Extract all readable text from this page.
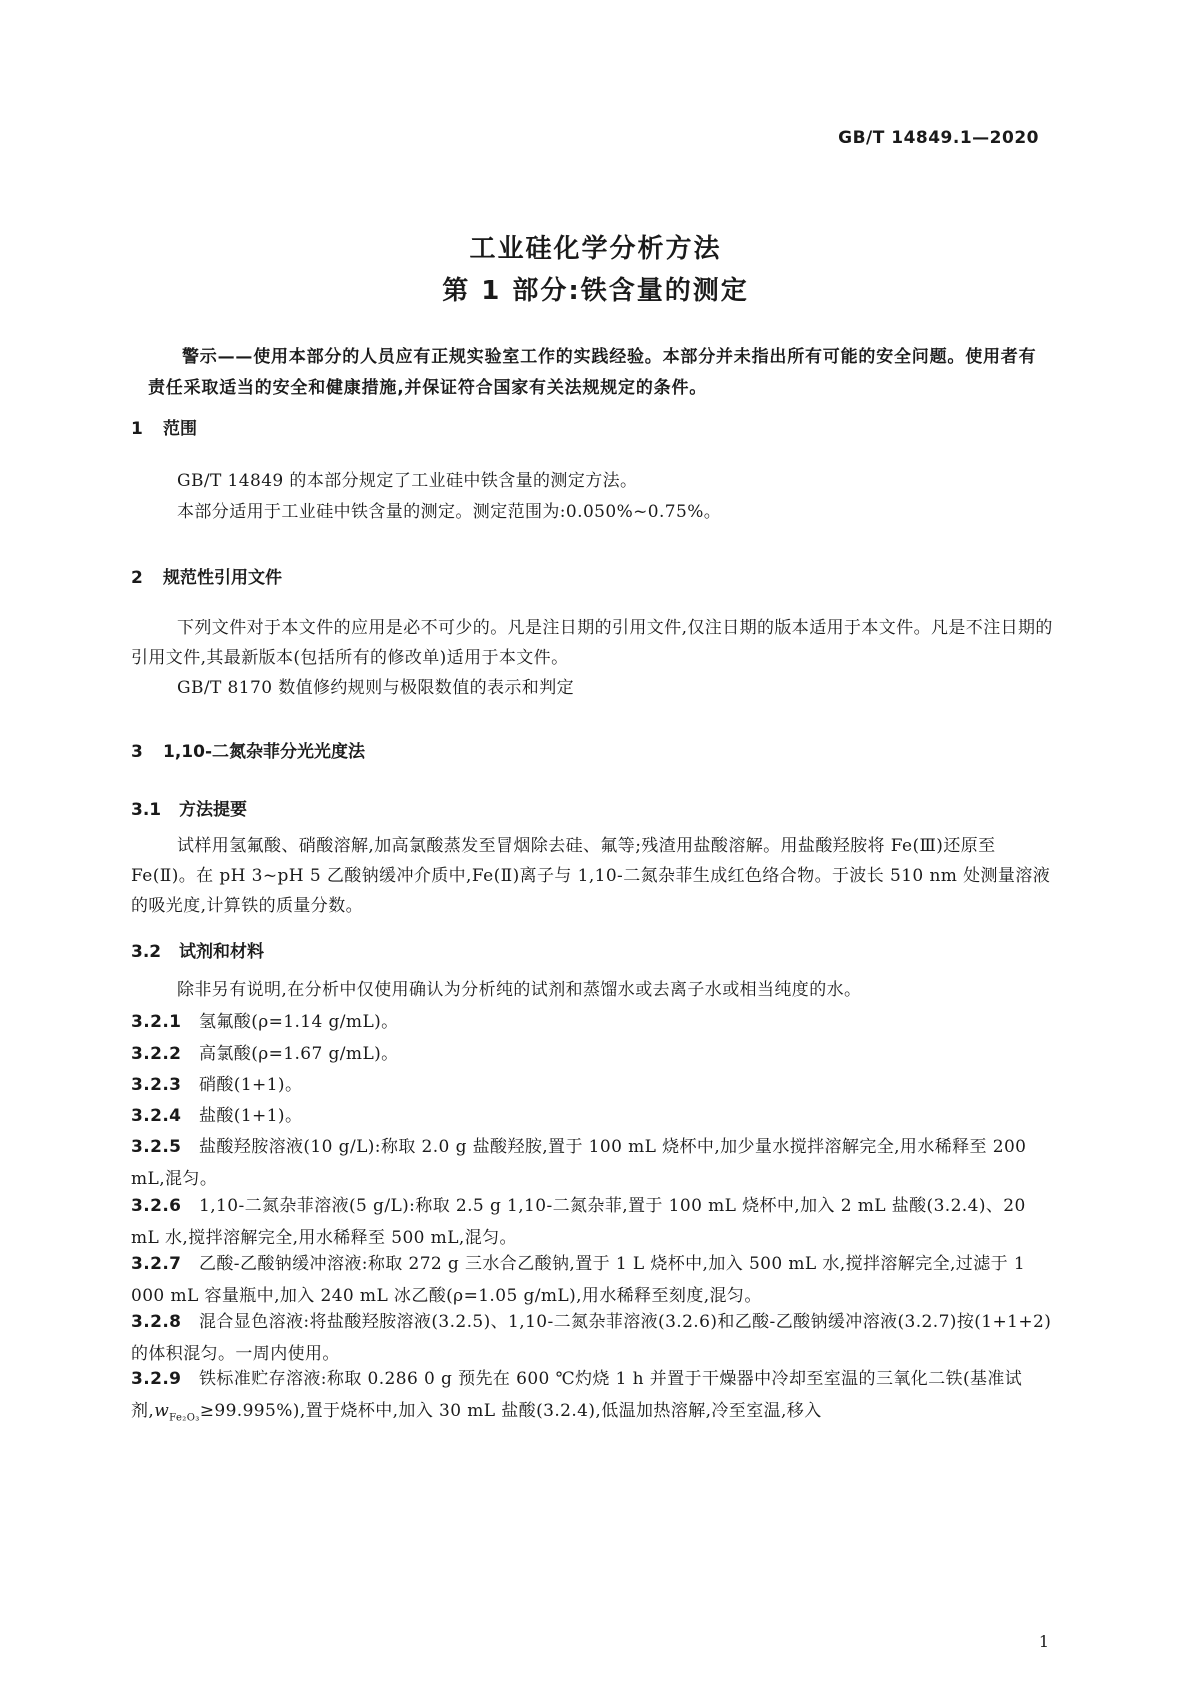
GB/T 14849.1—2020

工业硅化学分析方法

第 1 部分:铁含量的测定

警示——使用本部分的人员应有正规实验室工作的实践经验。本部分并未指出所有可能的安全问题。使用者有责任采取适当的安全和健康措施,并保证符合国家有关法规规定的条件。

1 范围

GB/T 14849 的本部分规定了工业硅中铁含量的测定方法。

本部分适用于工业硅中铁含量的测定。测定范围为:0.050%~0.75%。

2 规范性引用文件

下列文件对于本文件的应用是必不可少的。凡是注日期的引用文件,仅注日期的版本适用于本文件。凡是不注日期的引用文件,其最新版本(包括所有的修改单)适用于本文件。

GB/T 8170 数值修约规则与极限数值的表示和判定

3 1,10-二氮杂菲分光光度法

3.1 方法提要

试样用氢氟酸、硝酸溶解,加高氯酸蒸发至冒烟除去硅、氟等;残渣用盐酸溶解。用盐酸羟胺将 Fe(Ⅲ)还原至 Fe(Ⅱ)。在 pH 3~pH 5 乙酸钠缓冲介质中,Fe(Ⅱ)离子与 1,10-二氮杂菲生成红色络合物。于波长 510 nm 处测量溶液的吸光度,计算铁的质量分数。

3.2 试剂和材料

除非另有说明,在分析中仅使用确认为分析纯的试剂和蒸馏水或去离子水或相当纯度的水。

3.2.1 氢氟酸(ρ=1.14 g/mL)。

3.2.2 高氯酸(ρ=1.67 g/mL)。

3.2.3 硝酸(1+1)。

3.2.4 盐酸(1+1)。

3.2.5 盐酸羟胺溶液(10 g/L):称取 2.0 g 盐酸羟胺,置于 100 mL 烧杯中,加少量水搅拌溶解完全,用水稀释至 200 mL,混匀。

3.2.6 1,10-二氮杂菲溶液(5 g/L):称取 2.5 g 1,10-二氮杂菲,置于 100 mL 烧杯中,加入 2 mL 盐酸(3.2.4)、20 mL 水,搅拌溶解完全,用水稀释至 500 mL,混匀。

3.2.7 乙酸-乙酸钠缓冲溶液:称取 272 g 三水合乙酸钠,置于 1 L 烧杯中,加入 500 mL 水,搅拌溶解完全,过滤于 1 000 mL 容量瓶中,加入 240 mL 冰乙酸(ρ=1.05 g/mL),用水稀释至刻度,混匀。

3.2.8 混合显色溶液:将盐酸羟胺溶液(3.2.5)、1,10-二氮杂菲溶液(3.2.6)和乙酸-乙酸钠缓冲溶液(3.2.7)按(1+1+2)的体积混匀。一周内使用。

3.2.9 铁标准贮存溶液:称取 0.286 0 g 预先在 600 ℃灼烧 1 h 并置于干燥器中冷却至室温的三氧化二铁(基准试剂$,w_{Fe_2O_3}\ge 99.995\%$),置于烧杯中,加入 30 mL 盐酸(3.2.4),低温加热溶解,冷至室温,移入

1
